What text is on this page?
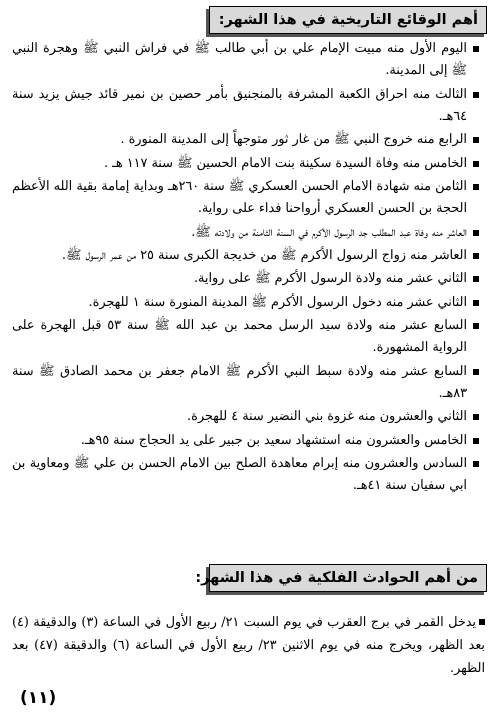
أهم الوقائع التاريخية في هذا الشهر:
اليوم الأول منه مبيت الإمام علي بن أبي طالب ﷺ في فراش النبي ﷺ وهجرة النبي ﷺ إلى المدينة.
الثالث منه احراق الكعبة المشرفة بالمنجنيق بأمر حصين بن نمير قائد جيش يزيد سنة ٦٤هـ.
الرابع منه خروج النبي ﷺ من غار ثور متوجهاً إلى المدينة المنورة .
الخامس منه وفاة السيدة سكينة بنت الامام الحسين ﷺ سنة ١١٧ هـ .
الثامن منه شهادة الامام الحسن العسكري ﷺ سنة ٢٦٠هـ وبداية إمامة بقية الله الأعظم الحجة بن الحسن العسكري أرواحنا فداء على رواية.
العاشر منه وفاة عبد المطلب جد الرسول الأكرم في السنة الثامنة من ولادته ﷺ.
العاشر منه زواج الرسول الأكرم ﷺ من خديجة الكبرى سنة ٢٥ من عمر الرسول ﷺ.
الثاني عشر منه ولادة الرسول الأكرم ﷺ على رواية.
الثاني عشر منه دخول الرسول الأكرم ﷺ المدينة المنورة سنة ١ للهجرة.
السابع عشر منه ولادة سيد الرسل محمد بن عبد الله ﷺ سنة ٥٣ قبل الهجرة على الرواية المشهورة.
السابع عشر منه ولادة سبط النبي الأكرم ﷺ الامام جعفر بن محمد الصادق ﷺ سنة ٨٣هـ.
الثاني والعشرون منه غزوة بني النضير سنة ٤ للهجرة.
الخامس والعشرون منه استشهاد سعيد بن جبير على يد الحجاج سنة ٩٥هـ.
السادس والعشرون منه إبرام معاهدة الصلح بين الامام الحسن بن علي ﷺ ومعاوية بن ابي سفيان سنة ٤١هـ.
من أهم الحوادث الفلكية في هذا الشهر:

يدخل القمر في برج العقرب في يوم السبت ٢١/ ربيع الأول في الساعة (٣) والدقيقة (٤) بعد الظهر، ويخرج منه في يوم الاثنين ٢٣/ ربيع الأول في الساعة (٦) والدقيقة (٤٧) بعد الظهر.

(١١)
